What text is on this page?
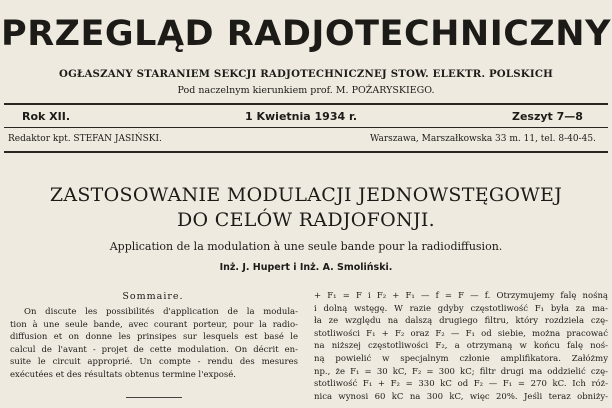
PRZEGLĄD RADJOTECHNICZNY
OGŁASZANY STARANIEM SEKCJI RADJOTECHNICZNEJ STOW. ELEKTR. POLSKICH
Pod naczelnym kierunkiem prof. M. POŻARYSKIEGO.
Rok XII.	1 Kwietnia 1934 r.	Zeszyt 7—8
Redaktor kpt. STEFAN JASIŃSKI.	Warszawa, Marszałkowska 33 m. 11, tel. 8-40-45.
ZASTOSOWANIE MODULACJI JEDNOWSTĘGOWEJ
DO CELÓW RADJOFONJI.
Application de la modulation à une seule bande pour la radiodiffusion.
Inż. J. Hupert i Inż. A. Smoliński.
Sommaire.
On discute les possibilités d'application de la modula-
tion à une seule bande, avec courant porteur, pour la radio-
diffusion et on donne les prinsipes sur lesquels est basé le
calcul de l'avant - projet de cette modulation. On décrit en-
suite le circuit approprié. Un compte - rendu des mesures
exécutées et des résultats obtenus termine l'exposé.
+ F₁ = F i F₂ + F₁ — f = F — f. Otrzymujemy falę nośną
i dolną wstęgę. W razie gdyby częstotliwość F₁ była za ma-
ła ze względu na dalszą drugiego filtru, który rozdziela czę-
stotliwości F₁ + F₂ oraz F₂ — F₁ od siebie, można pracować
na niższej częstotliwości F₂, a otrzymaną w końcu falę noś-
ną powielić w specjalnym członie amplifikatora. Załóżmy
np., że F₁ = 30 kC, F₂ = 300 kC; filtr drugi ma oddzielić czę-
stotliwość F₁ + F₂ = 330 kC od F₂ — F₁ = 270 kC. Ich róż-
nica wynosi 60 kC na 300 kC, więc 20%. Jeśli teraz obniży-
